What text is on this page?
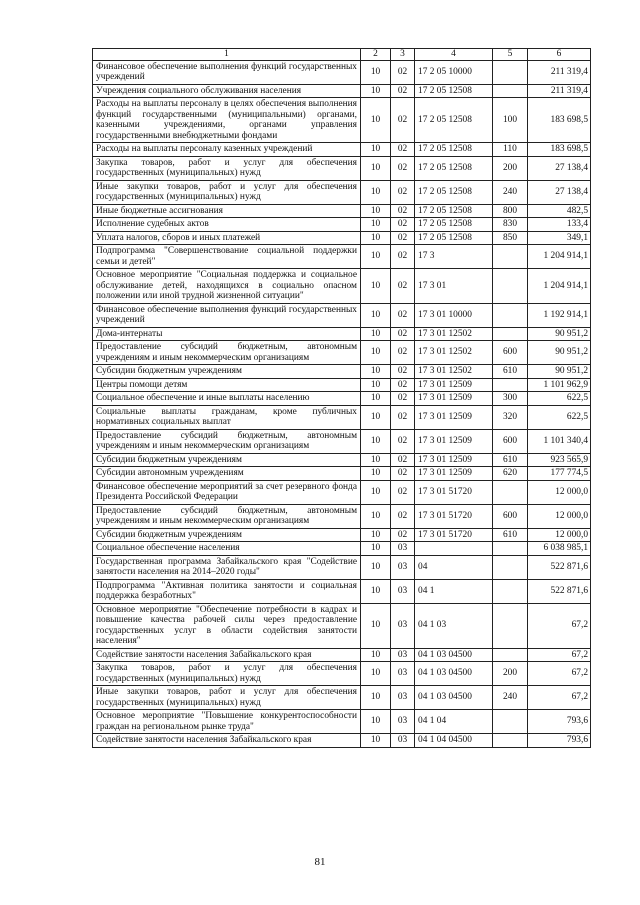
1	2	3	4	5	6
Финансовое обеспечение выполнения функций государственных учреждений	10	02	17 2 05 10000		211 319,4
Учреждения социального обслуживания населения	10	02	17 2 05 12508		211 319,4
Расходы на выплаты персоналу в целях обеспечения выполнения функций государственными (муниципальными) органами, казенными учреждениями, органами управления государственными внебюджетными фондами	10	02	17 2 05 12508	100	183 698,5
Расходы на выплаты персоналу казенных учреждений	10	02	17 2 05 12508	110	183 698,5
Закупка товаров, работ и услуг для обеспечения государственных (муниципальных) нужд	10	02	17 2 05 12508	200	27 138,4
Иные закупки товаров, работ и услуг для обеспечения государственных (муниципальных) нужд	10	02	17 2 05 12508	240	27 138,4
Иные бюджетные ассигнования	10	02	17 2 05 12508	800	482,5
Исполнение судебных актов	10	02	17 2 05 12508	830	133,4
Уплата налогов, сборов и иных платежей	10	02	17 2 05 12508	850	349,1
Подпрограмма "Совершенствование социальной поддержки семьи и детей"	10	02	17 3		1 204 914,1
Основное мероприятие "Социальная поддержка и социальное обслуживание детей, находящихся в социально опасном положении или иной трудной жизненной ситуации"	10	02	17 3 01		1 204 914,1
Финансовое обеспечение выполнения функций государственных учреждений	10	02	17 3 01 10000		1 192 914,1
Дома-интернаты	10	02	17 3 01 12502		90 951,2
Предоставление субсидий бюджетным, автономным учреждениям и иным некоммерческим организациям	10	02	17 3 01 12502	600	90 951,2
Субсидии бюджетным учреждениям	10	02	17 3 01 12502	610	90 951,2
Центры помощи детям	10	02	17 3 01 12509		1 101 962,9
Социальное обеспечение и иные выплаты населению	10	02	17 3 01 12509	300	622,5
Социальные выплаты гражданам, кроме публичных нормативных социальных выплат	10	02	17 3 01 12509	320	622,5
Предоставление субсидий бюджетным, автономным учреждениям и иным некоммерческим организациям	10	02	17 3 01 12509	600	1 101 340,4
Субсидии бюджетным учреждениям	10	02	17 3 01 12509	610	923 565,9
Субсидии автономным учреждениям	10	02	17 3 01 12509	620	177 774,5
Финансовое обеспечение мероприятий за счет резервного фонда Президента Российской Федерации	10	02	17 3 01 51720		12 000,0
Предоставление субсидий бюджетным, автономным учреждениям и иным некоммерческим организациям	10	02	17 3 01 51720	600	12 000,0
Субсидии бюджетным учреждениям	10	02	17 3 01 51720	610	12 000,0
Социальное обеспечение населения	10	03			6 038 985,1
Государственная программа Забайкальского края "Содействие занятости населения на 2014–2020 годы"	10	03	04		522 871,6
Подпрограмма "Активная политика занятости и социальная поддержка безработных"	10	03	04 1		522 871,6
Основное мероприятие "Обеспечение потребности в кадрах и повышение качества рабочей силы через предоставление государственных услуг в области содействия занятости населения"	10	03	04 1 03		67,2
Содействие занятости населения Забайкальского края	10	03	04 1 03 04500		67,2
Закупка товаров, работ и услуг для обеспечения государственных (муниципальных) нужд	10	03	04 1 03 04500	200	67,2
Иные закупки товаров, работ и услуг для обеспечения государственных (муниципальных) нужд	10	03	04 1 03 04500	240	67,2
Основное мероприятие "Повышение конкурентоспособности граждан на региональном рынке труда"	10	03	04 1 04		793,6
Содействие занятости населения Забайкальского края	10	03	04 1 04 04500		793,6
81
